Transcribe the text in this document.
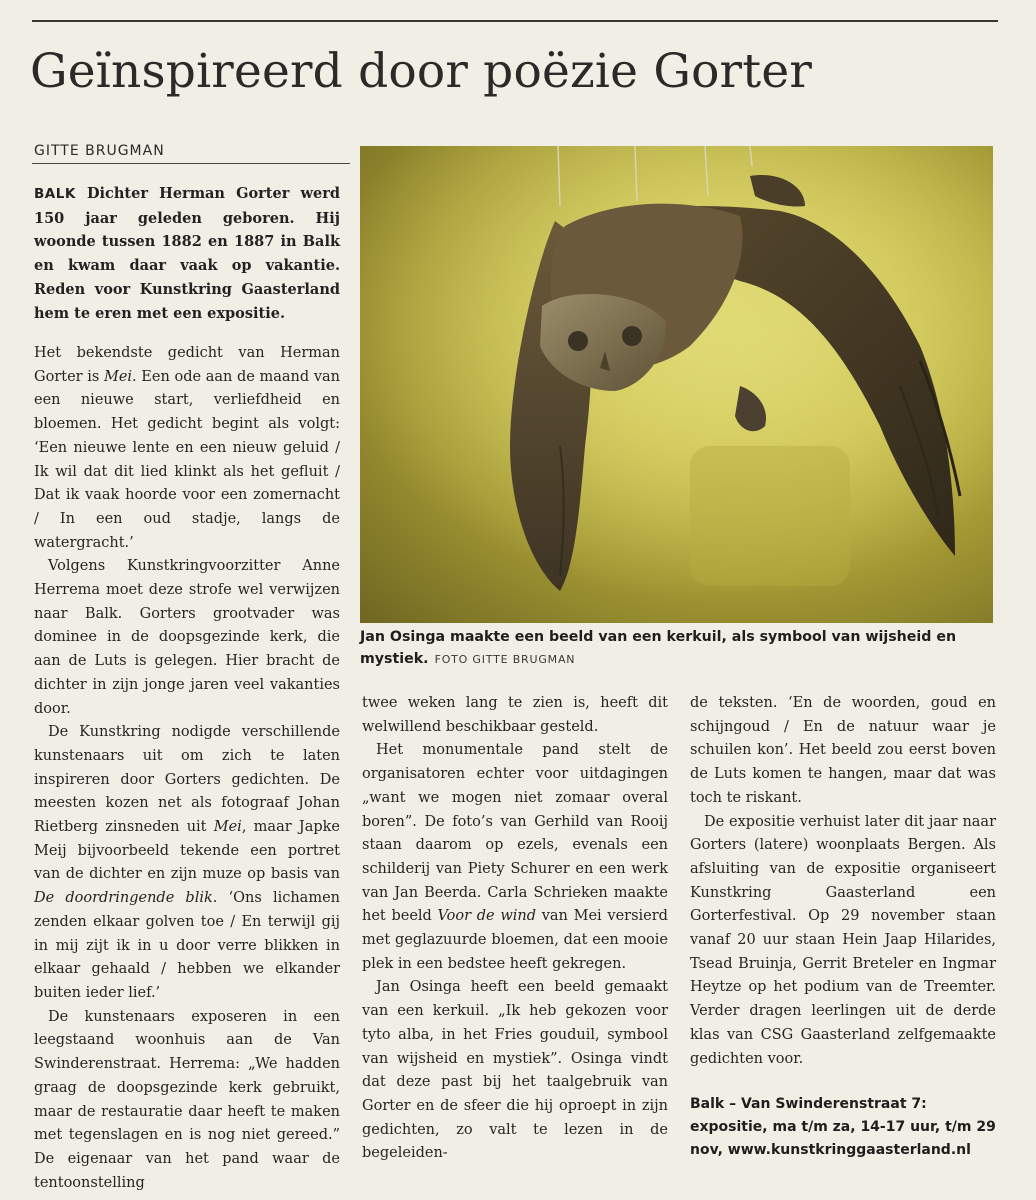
Geïnspireerd door poëzie Gorter
GITTE BRUGMAN

BALK Dichter Herman Gorter werd 150 jaar geleden geboren. Hij woonde tussen 1882 en 1887 in Balk en kwam daar vaak op vakantie. Reden voor Kunstkring Gaasterland hem te eren met een expositie.

Het bekendste gedicht van Herman Gorter is Mei. Een ode aan de maand van een nieuwe start, verliefdheid en bloemen. Het gedicht begint als volgt: ‘Een nieuwe lente en een nieuw geluid / Ik wil dat dit lied klinkt als het gefluit / Dat ik vaak hoorde voor een zomernacht / In een oud stadje, langs de watergracht.’

Volgens Kunstkringvoorzitter Anne Herrema moet deze strofe wel verwijzen naar Balk. Gorters grootvader was dominee in de doopsgezinde kerk, die aan de Luts is gelegen. Hier bracht de dichter in zijn jonge jaren veel vakanties door.

De Kunstkring nodigde verschillende kunstenaars uit om zich te laten inspireren door Gorters gedichten. De meesten kozen net als fotograaf Johan Rietberg zinsneden uit Mei, maar Japke Meij bijvoorbeeld tekende een portret van de dichter en zijn muze op basis van De doordringende blik. ‘Ons lichamen zenden elkaar golven toe / En terwijl gij in mij zijt ik in u door verre blikken in elkaar gehaald / hebben we elkander buiten ieder lief.’

De kunstenaars exposeren in een leegstaand woonhuis aan de Van Swinderenstraat. Herrema: „We hadden graag de doopsgezinde kerk gebruikt, maar de restauratie daar heeft te maken met tegenslagen en is nog niet gereed.” De eigenaar van het pand waar de tentoonstelling

Jan Osinga maakte een beeld van een kerkuil, als symbool van wijsheid en mystiek. FOTO GITTE BRUGMAN

twee weken lang te zien is, heeft dit welwillend beschikbaar gesteld.

Het monumentale pand stelt de organisatoren echter voor uitdagingen „want we mogen niet zomaar overal boren”. De foto’s van Gerhild van Rooij staan daarom op ezels, evenals een schilderij van Piety Schurer en een werk van Jan Beerda. Carla Schrieken maakte het beeld Voor de wind van Mei versierd met geglazuurde bloemen, dat een mooie plek in een bedstee heeft gekregen.

Jan Osinga heeft een beeld gemaakt van een kerkuil. „Ik heb gekozen voor tyto alba, in het Fries gouduil, symbool van wijsheid en mystiek”. Osinga vindt dat deze past bij het taalgebruik van Gorter en de sfeer die hij oproept in zijn gedichten, zo valt te lezen in de begeleiden-

de teksten. ‘En de woorden, goud en schijngoud / En de natuur waar je schuilen kon’. Het beeld zou eerst boven de Luts komen te hangen, maar dat was toch te riskant.

De expositie verhuist later dit jaar naar Gorters (latere) woonplaats Bergen. Als afsluiting van de expositie organiseert Kunstkring Gaasterland een Gorterfestival. Op 29 november staan vanaf 20 uur staan Hein Jaap Hilarides, Tsead Bruinja, Gerrit Breteler en Ingmar Heytze op het podium van de Treemter. Verder dragen leerlingen uit de derde klas van CSG Gaasterland zelfgemaakte gedichten voor.

Balk – Van Swinderenstraat 7: expositie, ma t/m za, 14-17 uur, t/m 29 nov, www.kunstkringgaasterland.nl
